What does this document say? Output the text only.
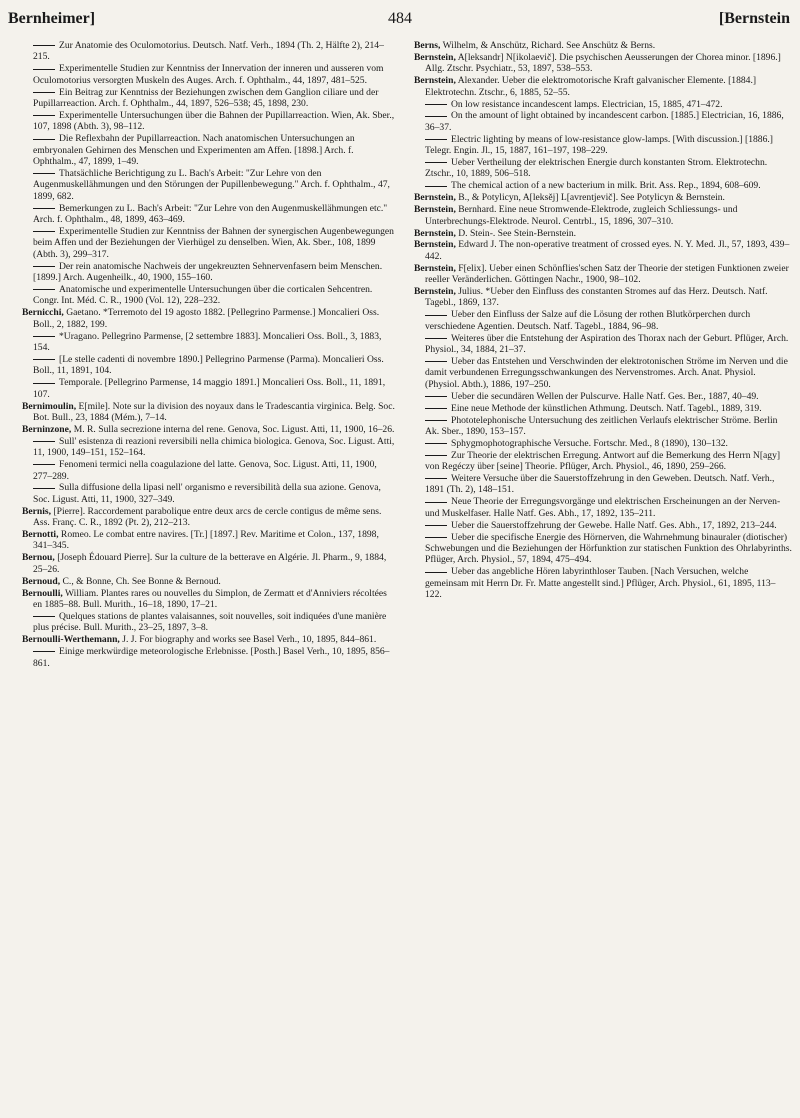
Bernheimer]	484	[Bernstein

Zur Anatomie des Oculomotorius. Deutsch. Natf. Verh., 1894 (Th. 2, Hälfte 2), 214–215.

Experimentelle Studien zur Kenntniss der Innervation der inneren und ausseren vom Oculomotorius versorgten Muskeln des Auges. Arch. f. Ophthalm., 44, 1897, 481–525.

Ein Beitrag zur Kenntniss der Beziehungen zwischen dem Ganglion ciliare und der Pupillarreaction. Arch. f. Ophthalm., 44, 1897, 526–538; 45, 1898, 230.

Experimentelle Untersuchungen über die Bahnen der Pupillarreaction. Wien, Ak. Sber., 107, 1898 (Abth. 3), 98–112.

Die Reflexbahn der Pupillarreaction. Nach anatomischen Untersuchungen an embryonalen Gehirnen des Menschen und Experimenten am Affen. [1898.] Arch. f. Ophthalm., 47, 1899, 1–49.

Thatsächliche Berichtigung zu L. Bach's Arbeit: "Zur Lehre von den Augenmuskellähmungen und den Störungen der Pupillenbewegung." Arch. f. Ophthalm., 47, 1899, 682.

Bemerkungen zu L. Bach's Arbeit: "Zur Lehre von den Augenmuskellähmungen etc." Arch. f. Ophthalm., 48, 1899, 463–469.

Experimentelle Studien zur Kenntniss der Bahnen der synergischen Augenbewegungen beim Affen und der Beziehungen der Vierhügel zu denselben. Wien, Ak. Sber., 108, 1899 (Abth. 3), 299–317.

Der rein anatomische Nachweis der ungekreuzten Sehnervenfasern beim Menschen. [1899.] Arch. Augenheilk., 40, 1900, 155–160.

Anatomische und experimentelle Untersuchungen über die corticalen Sehcentren. Congr. Int. Méd. C. R., 1900 (Vol. 12), 228–232.

Bernicchi, Gaetano. *Terremoto del 19 agosto 1882. [Pellegrino Parmense.] Moncalieri Oss. Boll., 2, 1882, 199.

*Uragano. Pellegrino Parmense, [2 settembre 1883]. Moncalieri Oss. Boll., 3, 1883, 154.

[Le stelle cadenti di novembre 1890.] Pellegrino Parmense (Parma). Moncalieri Oss. Boll., 11, 1891, 104.

Temporale. [Pellegrino Parmense, 14 maggio 1891.] Moncalieri Oss. Boll., 11, 1891, 107.

Bernimoulin, E[mile]. Note sur la division des noyaux dans le Tradescantia virginica. Belg. Soc. Bot. Bull., 23, 1884 (Mém.), 7–14.

Berninzone, M. R. Sulla secrezione interna del rene. Genova, Soc. Ligust. Atti, 11, 1900, 16–26.

Sull' esistenza di reazioni reversibili nella chimica biologica. Genova, Soc. Ligust. Atti, 11, 1900, 149–151, 152–164.

Fenomeni termici nella coagulazione del latte. Genova, Soc. Ligust. Atti, 11, 1900, 277–289.

Sulla diffusione della lipasi nell' organismo e reversibilità della sua azione. Genova, Soc. Ligust. Atti, 11, 1900, 327–349.

Bernis, [Pierre]. Raccordement parabolique entre deux arcs de cercle contigus de même sens. Ass. Franç. C. R., 1892 (Pt. 2), 212–213.

Bernotti, Romeo. Le combat entre navires. [Tr.] [1897.] Rev. Maritime et Colon., 137, 1898, 341–345.

Bernou, [Joseph Édouard Pierre]. Sur la culture de la betterave en Algérie. Jl. Pharm., 9, 1884, 25–26.

Bernoud, C., & Bonne, Ch. See Bonne & Bernoud.

Bernoulli, William. Plantes rares ou nouvelles du Simplon, de Zermatt et d'Anniviers récoltées en 1885–88. Bull. Murith., 16–18, 1890, 17–21.

Quelques stations de plantes valaisannes, soit nouvelles, soit indiquées d'une manière plus précise. Bull. Murith., 23–25, 1897, 3–8.

Bernoulli-Werthemann, J. J. For biography and works see Basel Verh., 10, 1895, 844–861.

Einige merkwürdige meteorologische Erlebnisse. [Posth.] Basel Verh., 10, 1895, 856–861.

Berns, Wilhelm, & Anschütz, Richard. See Anschütz & Berns.

Bernstein, A[leksandr] N[ikolaevič]. Die psychischen Aeusserungen der Chorea minor. [1896.] Allg. Ztschr. Psychiatr., 53, 1897, 538–553.

Bernstein, Alexander. Ueber die elektromotorische Kraft galvanischer Elemente. [1884.] Elektrotechn. Ztschr., 6, 1885, 52–55.

On low resistance incandescent lamps. Electrician, 15, 1885, 471–472.

On the amount of light obtained by incandescent carbon. [1885.] Electrician, 16, 1886, 36–37.

Electric lighting by means of low-resistance glow-lamps. [With discussion.] [1886.] Telegr. Engin. Jl., 15, 1887, 161–197, 198–229.

Ueber Vertheilung der elektrischen Energie durch konstanten Strom. Elektrotechn. Ztschr., 10, 1889, 506–518.

The chemical action of a new bacterium in milk. Brit. Ass. Rep., 1894, 608–609.

Bernstein, B., & Potylicyn, A[leksěj] L[avrentjevič]. See Potylicyn & Bernstein.

Bernstein, Bernhard. Eine neue Stromwende-Elektrode, zugleich Schliessungs- und Unterbrechungs-Elektrode. Neurol. Centrbl., 15, 1896, 307–310.

Bernstein, D. Stein-. See Stein-Bernstein.

Bernstein, Edward J. The non-operative treatment of crossed eyes. N. Y. Med. Jl., 57, 1893, 439–442.

Bernstein, F[elix]. Ueber einen Schönflies'schen Satz der Theorie der stetigen Funktionen zweier reeller Veränderlichen. Göttingen Nachr., 1900, 98–102.

Bernstein, Julius. *Ueber den Einfluss des constanten Stromes auf das Herz. Deutsch. Natf. Tagebl., 1869, 137.

Ueber den Einfluss der Salze auf die Lösung der rothen Blutkörperchen durch verschiedene Agentien. Deutsch. Natf. Tagebl., 1884, 96–98.

Weiteres über die Entstehung der Aspiration des Thorax nach der Geburt. Pflüger, Arch. Physiol., 34, 1884, 21–37.

Ueber das Entstehen und Verschwinden der elektrotonischen Ströme im Nerven und die damit verbundenen Erregungsschwankungen des Nervenstromes. Arch. Anat. Physiol. (Physiol. Abth.), 1886, 197–250.

Ueber die secundären Wellen der Pulscurve. Halle Natf. Ges. Ber., 1887, 40–49.

Eine neue Methode der künstlichen Athmung. Deutsch. Natf. Tagebl., 1889, 319.

Phototelephonische Untersuchung des zeitlichen Verlaufs elektrischer Ströme. Berlin Ak. Sber., 1890, 153–157.

Sphygmophotographische Versuche. Fortschr. Med., 8 (1890), 130–132.

Zur Theorie der elektrischen Erregung. Antwort auf die Bemerkung des Herrn N[agy] von Regéczy über [seine] Theorie. Pflüger, Arch. Physiol., 46, 1890, 259–266.

Weitere Versuche über die Sauerstoffzehrung in den Geweben. Deutsch. Natf. Verh., 1891 (Th. 2), 148–151.

Neue Theorie der Erregungsvorgänge und elektrischen Erscheinungen an der Nerven- und Muskelfaser. Halle Natf. Ges. Abh., 17, 1892, 135–211.

Ueber die Sauerstoffzehrung der Gewebe. Halle Natf. Ges. Abh., 17, 1892, 213–244.

Ueber die specifische Energie des Hörnerven, die Wahrnehmung binauraler (diotischer) Schwebungen und die Beziehungen der Hörfunktion zur statischen Funktion des Ohrlabyrinths. Pflüger, Arch. Physiol., 57, 1894, 475–494.

Ueber das angebliche Hören labyrinthloser Tauben. [Nach Versuchen, welche gemeinsam mit Herrn Dr. Fr. Matte angestellt sind.] Pflüger, Arch. Physiol., 61, 1895, 113–122.
